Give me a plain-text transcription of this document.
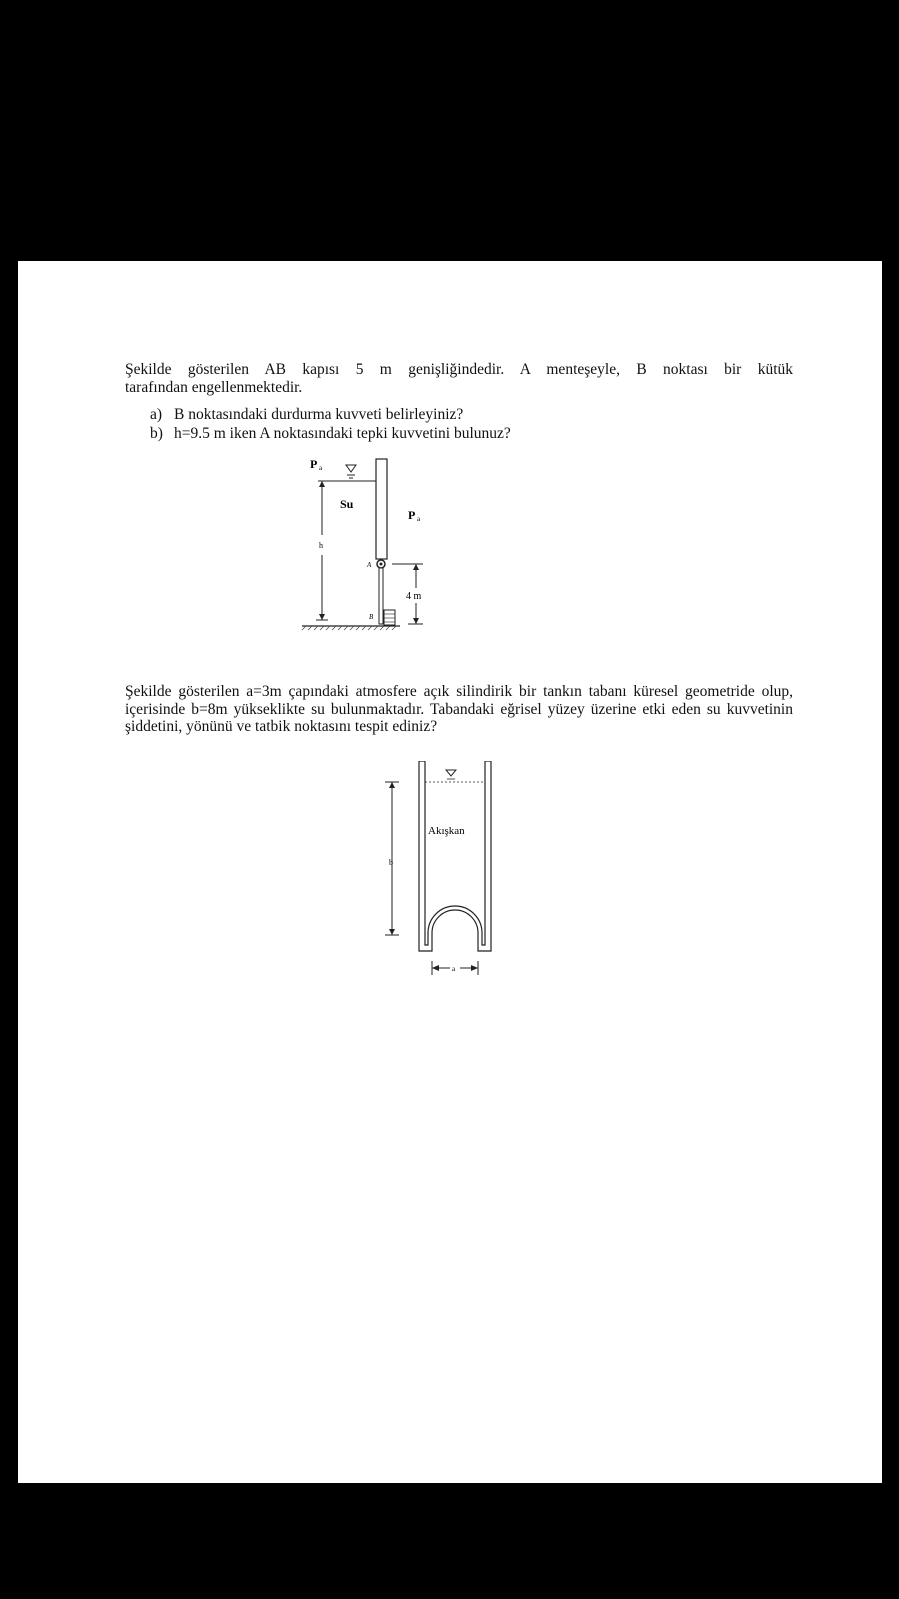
Şekilde gösterilen AB kapısı 5 m genişliğindedir. A menteşeyle, B noktası bir kütük
tarafından engellenmektedir.
a) B noktasındaki durdurma kuvveti belirleyiniz?
b) h=9.5 m iken A noktasındaki tepki kuvvetini bulunuz?
P a
h
Su
A
B
P a
4 m
Şekilde gösterilen a=3m çapındaki atmosfere açık silindirik bir tankın tabanı küresel geometride olup, içerisinde b=8m yükseklikte su bulunmaktadır. Tabandaki eğrisel yüzey üzerine etki eden su kuvvetinin şiddetini, yönünü ve tatbik noktasını tespit ediniz?
b
Akışkan
a
